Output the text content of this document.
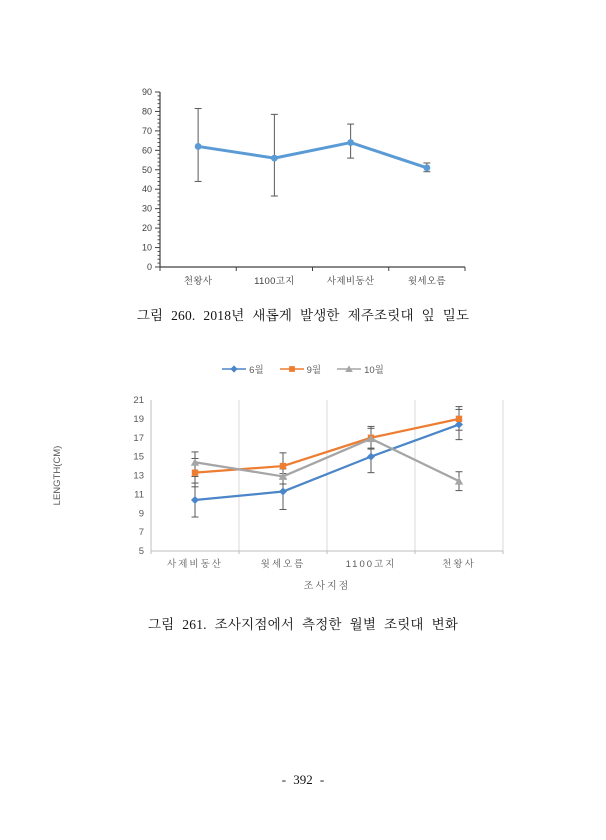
0
10
20
30
40
50
60
70
80
90
천왕사	1100고지	사제비동산	윗세오름
그림 260. 2018년 새롭게 발생한 제주조릿대 잎 밀도
6월	9월	10월
5
7
9
11
13
15
17
19
21
사제비동산	윗세오름	1100고지	천왕사
조사지점
LENGTH(CM)
그림 261. 조사지점에서 측정한 월별 조릿대 변화
- 392 -
